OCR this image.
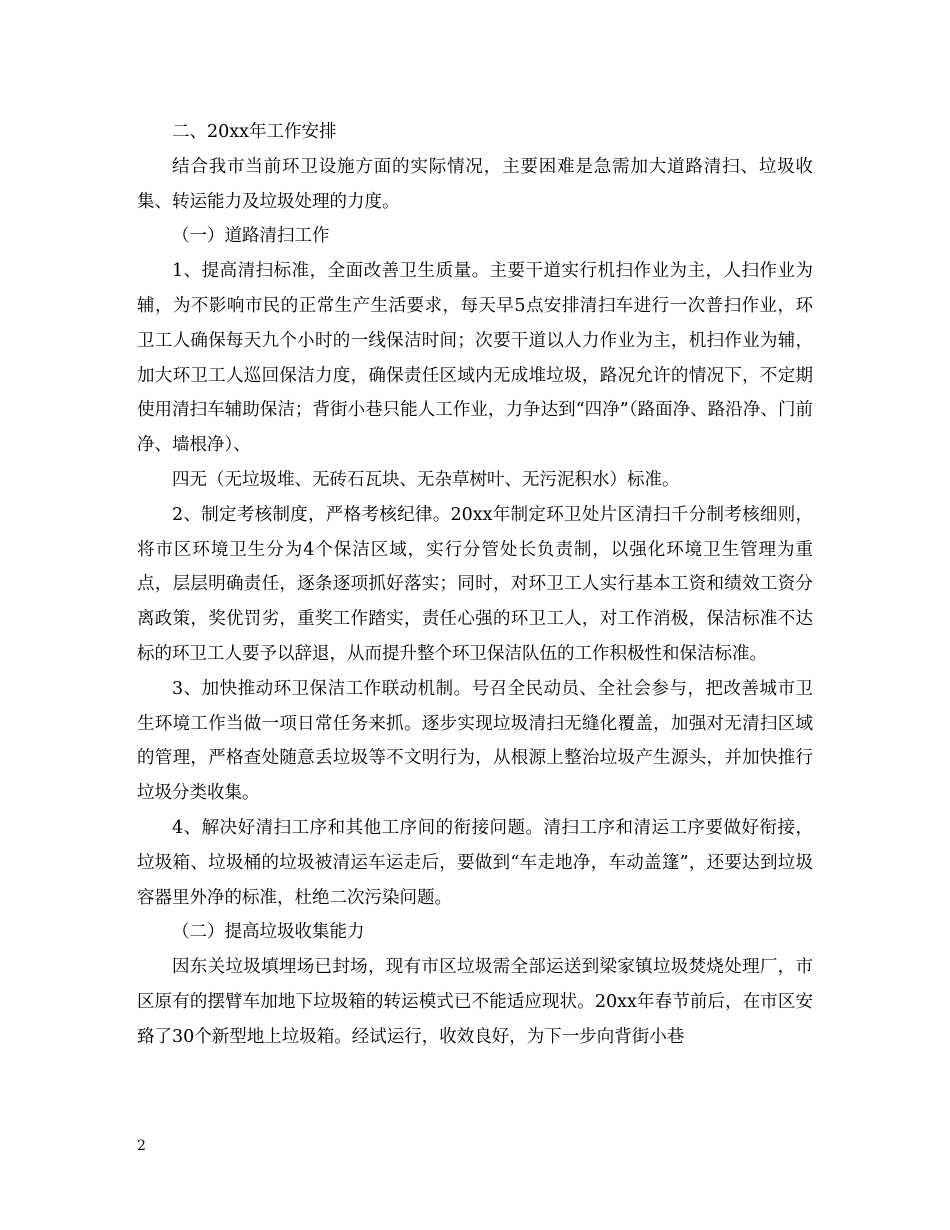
二、20xx年工作安排

结合我市当前环卫设施方面的实际情况，主要困难是急需加大道路清扫、垃圾收集、转运能力及垃圾处理的力度。

（一）道路清扫工作

1、提高清扫标准，全面改善卫生质量。主要干道实行机扫作业为主，人扫作业为辅，为不影响市民的正常生产生活要求，每天早5点安排清扫车进行一次普扫作业，环卫工人确保每天九个小时的一线保洁时间；次要干道以人力作业为主，机扫作业为辅，加大环卫工人巡回保洁力度，确保责任区域内无成堆垃圾，路况允许的情况下，不定期使用清扫车辅助保洁；背街小巷只能人工作业，力争达到“四净”（路面净、路沿净、门前净、墙根净）、

四无（无垃圾堆、无砖石瓦块、无杂草树叶、无污泥积水）标准。

2、制定考核制度，严格考核纪律。20xx年制定环卫处片区清扫千分制考核细则，将市区环境卫生分为4个保洁区域，实行分管处长负责制，以强化环境卫生管理为重点，层层明确责任，逐条逐项抓好落实；同时，对环卫工人实行基本工资和绩效工资分离政策，奖优罚劣，重奖工作踏实，责任心强的环卫工人，对工作消极，保洁标准不达标的环卫工人要予以辞退，从而提升整个环卫保洁队伍的工作积极性和保洁标准。

3、加快推动环卫保洁工作联动机制。号召全民动员、全社会参与，把改善城市卫生环境工作当做一项日常任务来抓。逐步实现垃圾清扫无缝化覆盖，加强对无清扫区域的管理，严格查处随意丢垃圾等不文明行为，从根源上整治垃圾产生源头，并加快推行垃圾分类收集。

4、解决好清扫工序和其他工序间的衔接问题。清扫工序和清运工序要做好衔接，垃圾箱、垃圾桶的垃圾被清运车运走后，要做到“车走地净，车动盖篷”，还要达到垃圾容器里外净的标准，杜绝二次污染问题。

（二）提高垃圾收集能力

因东关垃圾填埋场已封场，现有市区垃圾需全部运送到梁家镇垃圾焚烧处理厂，市区原有的摆臂车加地下垃圾箱的转运模式已不能适应现状。20xx年春节前后，在市区安臵了30个新型地上垃圾箱。经试运行，收效良好，为下一步向背街小巷

2
